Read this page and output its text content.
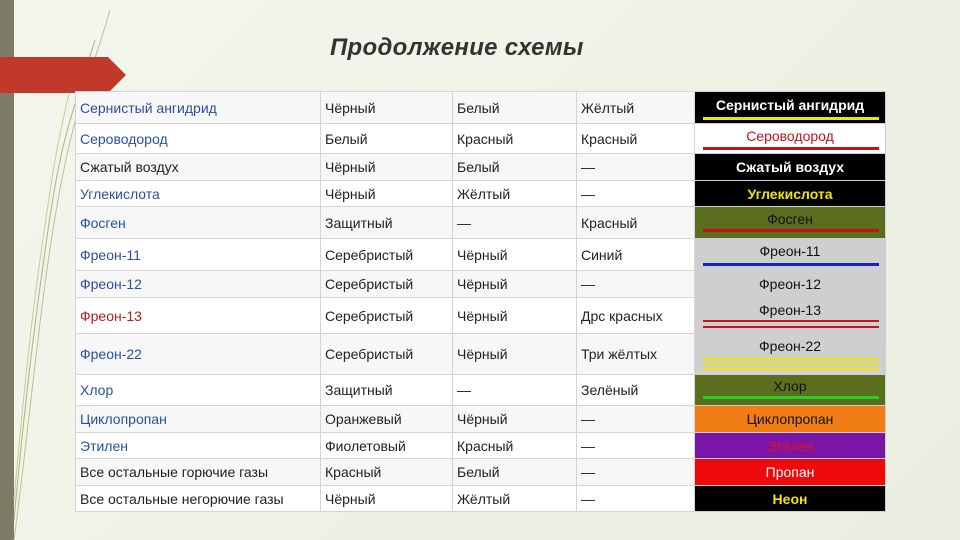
Продолжение схемы
Сернистый ангидрид	Чёрный	Белый	Жёлтый	Сернистый ангидрид

Сероводород	Белый	Красный	Красный	Сероводород

Сжатый воздух	Чёрный	Белый	—	Сжатый воздух

Углекислота	Чёрный	Жёлтый	—	Углекислота

Фосген	Защитный	—	Красный	Фосген

Фреон-11	Серебристый	Чёрный	Синий	Фреон-11

Фреон-12	Серебристый	Чёрный	—	Фреон-12

Фреон-13	Серебристый	Чёрный	Дрс красных	Фреон-13

Фреон-22	Серебристый	Чёрный	Три жёлтых	Фреон-22

Хлор	Защитный	—	Зелёный	Хлор

Циклопропан	Оранжевый	Чёрный	—	Циклопропан

Этилен	Фиолетовый	Красный	—	Этилен

Все остальные горючие газы	Красный	Белый	—	Пропан

Все остальные негорючие газы	Чёрный	Жёлтый	—	Неон
